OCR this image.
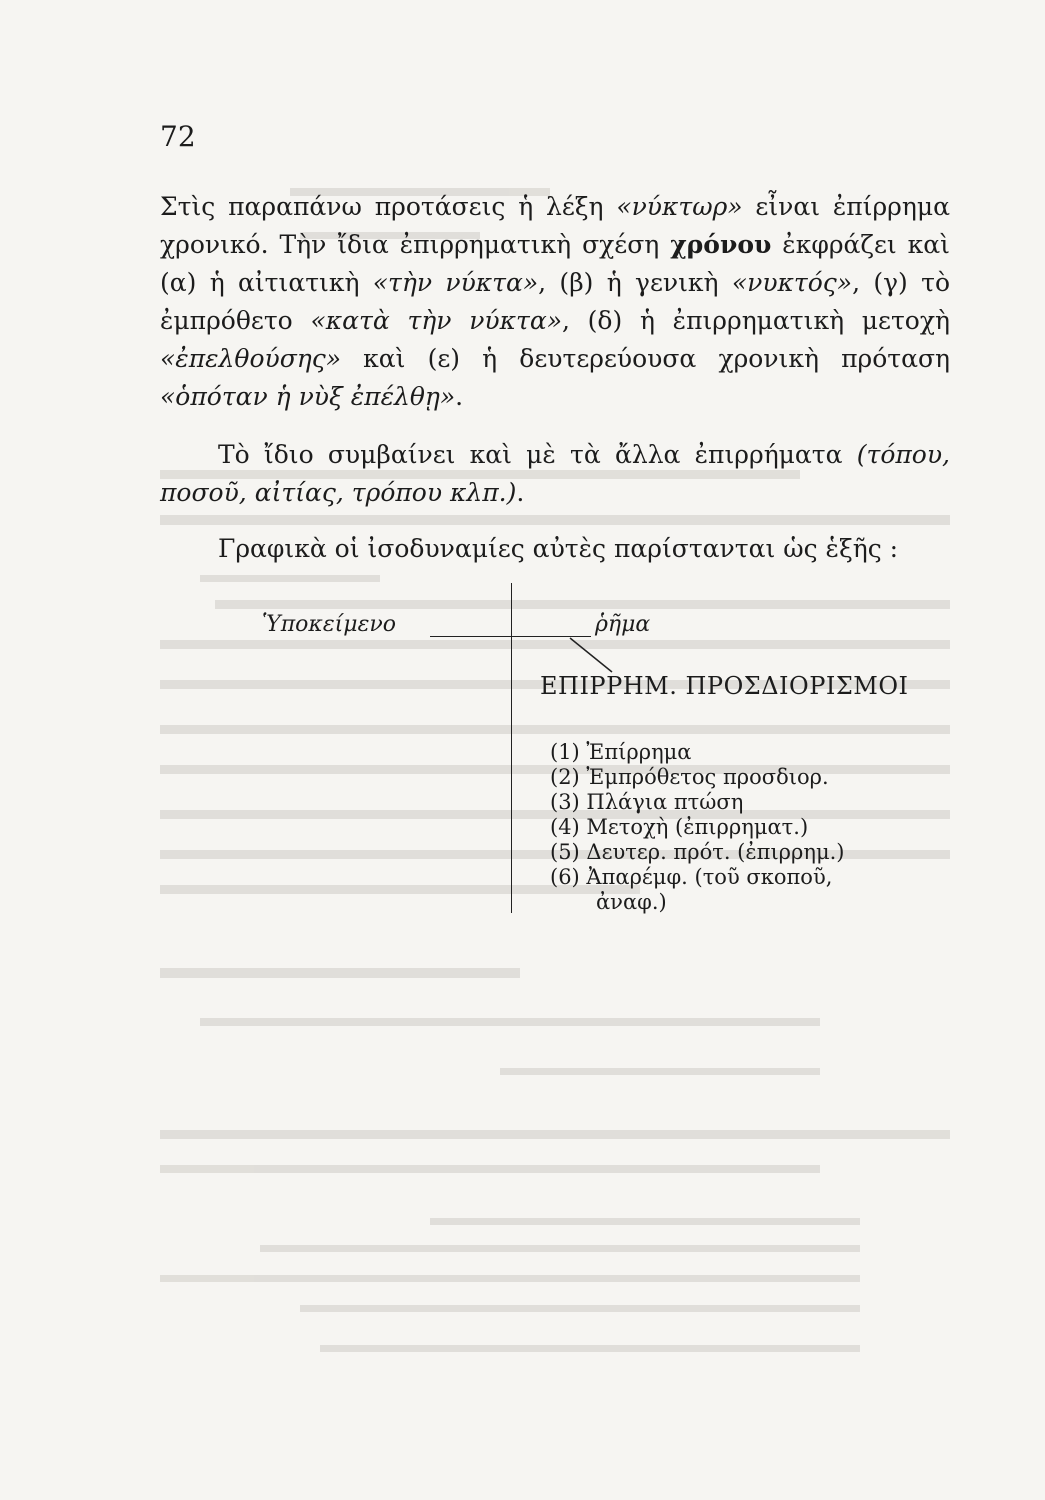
72

Στὶς παραπάνω προτάσεις ἡ λέξη «νύκτωρ» εἶναι ἐπίρρημα χρονικό. Τὴν ἴδια ἐπιρρηματικὴ σχέση χρόνου ἐκφράζει καὶ (α) ἡ αἰτιατικὴ «τὴν νύκτα», (β) ἡ γενικὴ «νυκτός», (γ) τὸ ἐμπρόθετο «κατὰ τὴν νύκτα», (δ) ἡ ἐπιρρηματικὴ μετοχὴ «ἐπελθούσης» καὶ (ε) ἡ δευτερεύουσα χρονικὴ πρόταση «ὁπόταν ἡ νὺξ ἐπέλθῃ».

Τὸ ἴδιο συμβαίνει καὶ μὲ τὰ ἄλλα ἐπιρρήματα (τόπου, ποσοῦ, αἰτίας, τρόπου κλπ.).

Γραφικὰ οἱ ἰσοδυναμίες αὐτὲς παρίστανται ὡς ἑξῆς :

Ὑποκείμενο	ῥῆμα
ΕΠΙΡΡΗΜ. ΠΡΟΣΔΙΟΡΙΣΜΟΙ
(1) Ἐπίρρημα
(2) Ἐμπρόθετος προσδιορ.
(3) Πλάγια πτώση
(4) Μετοχὴ (ἐπιρρηματ.)
(5) Δευτερ. πρότ. (ἐπιρρημ.)
(6) Ἀπαρέμφ. (τοῦ σκοποῦ,
ἀναφ.)
